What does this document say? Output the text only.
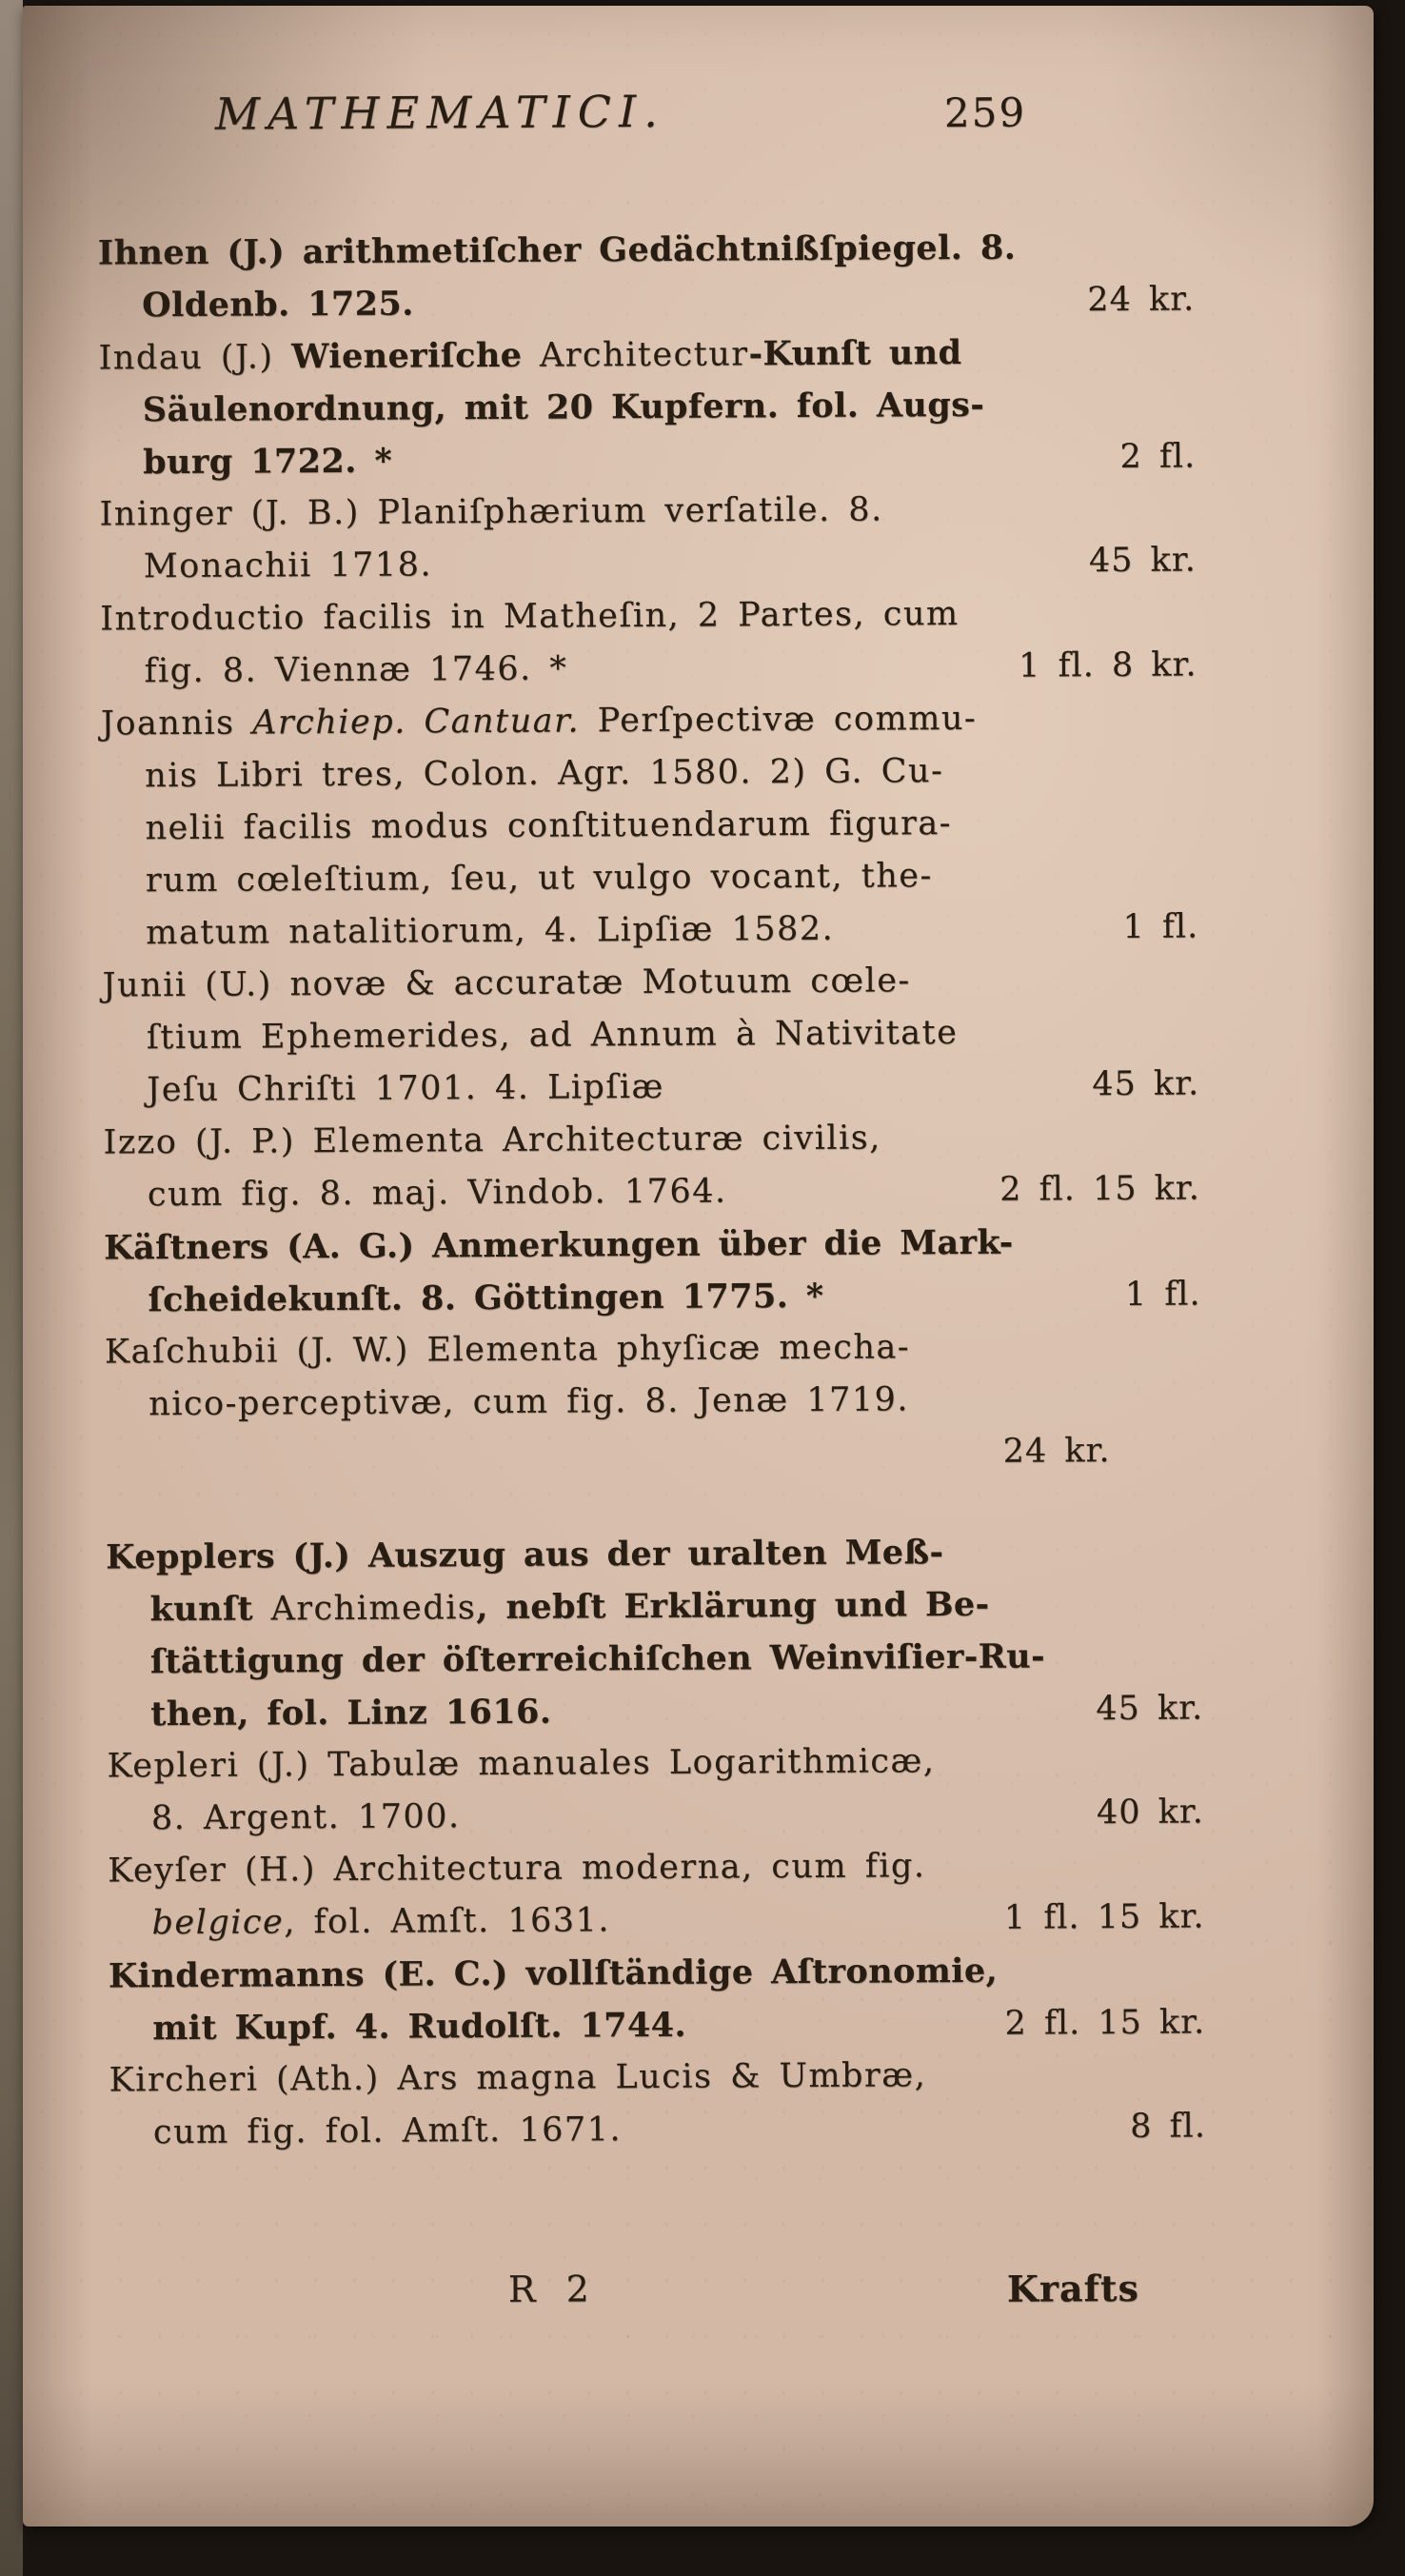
MATHEMATICI.	259
Ihnen (J.) arithmetiſcher Gedächtnißſpiegel. 8.
Oldenb. 1725.	24 kr.
Indau (J.) Wieneriſche Architectur-Kunſt und
Säulenordnung, mit 20 Kupfern. fol. Augs-
burg 1722. *	2 fl.
Ininger (J. B.) Planiſphærium verſatile. 8.
Monachii 1718.	45 kr.
Introductio facilis in Matheſin, 2 Partes, cum
fig. 8. Viennæ 1746. *	1 fl. 8 kr.
Joannis Archiep. Cantuar. Perſpectivæ commu-
nis Libri tres, Colon. Agr. 1580. 2) G. Cu-
nelii facilis modus conſtituendarum figura-
rum cœleſtium, ſeu, ut vulgo vocant, the-
matum natalitiorum, 4. Lipſiæ 1582.	1 fl.
Junii (U.) novæ & accuratæ Motuum cœle-
ſtium Ephemerides, ad Annum à Nativitate
Jeſu Chriſti 1701. 4. Lipſiæ	45 kr.
Izzo (J. P.) Elementa Architecturæ civilis,
cum fig. 8. maj. Vindob. 1764.	2 fl. 15 kr.
Käſtners (A. G.) Anmerkungen über die Mark-
ſcheidekunſt. 8. Göttingen 1775. *	1 fl.
Kaſchubii (J. W.) Elementa phyſicæ mecha-
nico-perceptivæ, cum fig. 8. Jenæ 1719.
24 kr.
Kepplers (J.) Auszug aus der uralten Meß-
kunſt Archimedis, nebſt Erklärung und Be-
ſtättigung der öſterreichiſchen Weinviſier-Ru-
then, fol. Linz 1616.	45 kr.
Kepleri (J.) Tabulæ manuales Logarithmicæ,
8. Argent. 1700.	40 kr.
Keyſer (H.) Architectura moderna, cum fig.
belgice, fol. Amſt. 1631.	1 fl. 15 kr.
Kindermanns (E. C.) vollſtändige Aſtronomie,
mit Kupf. 4. Rudolſt. 1744.	2 fl. 15 kr.
Kircheri (Ath.) Ars magna Lucis & Umbræ,
cum fig. fol. Amſt. 1671.	8 fl.
R 2	Krafts
